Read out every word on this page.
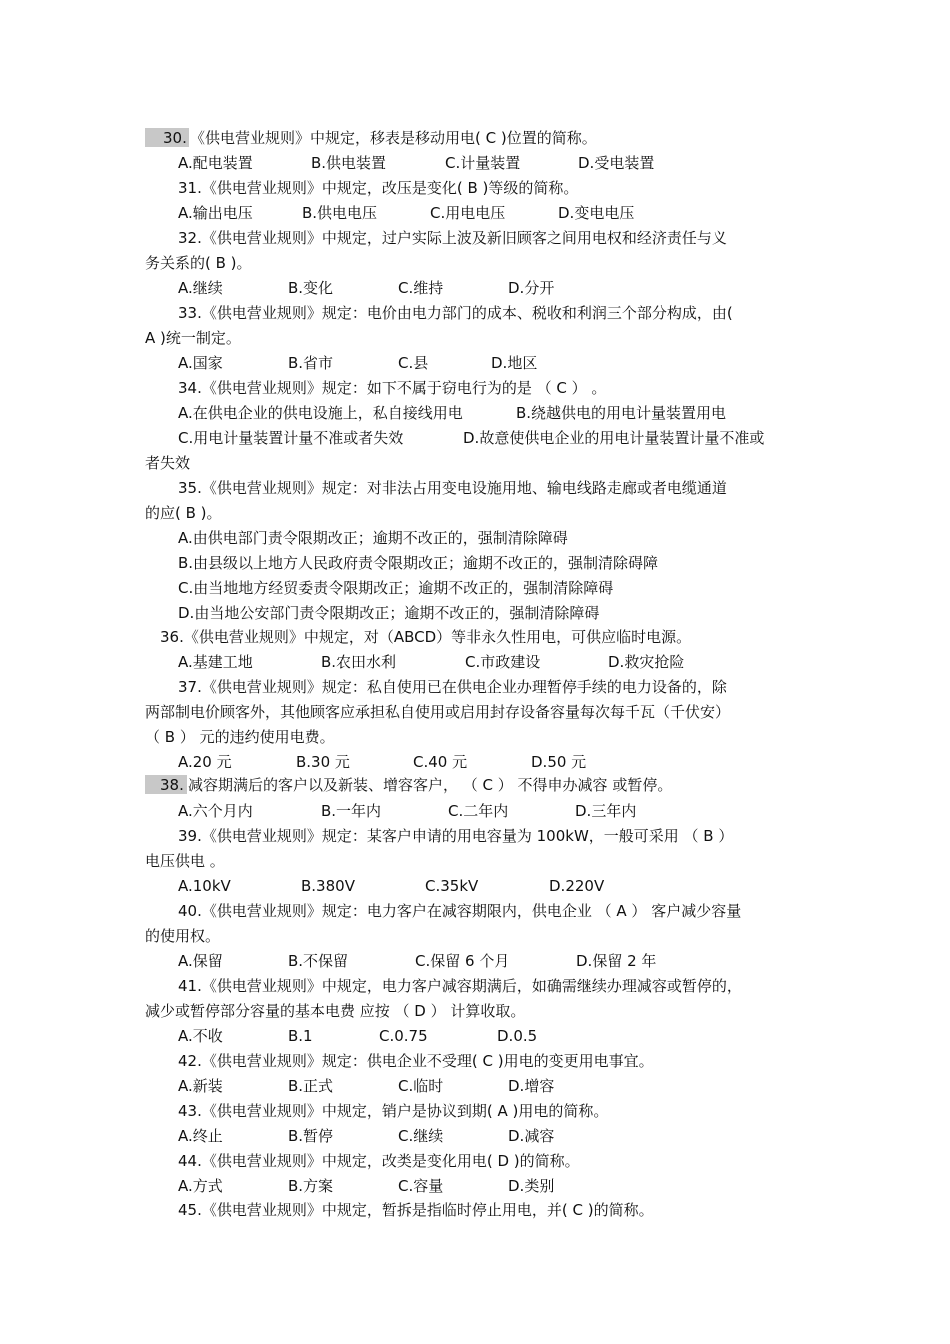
30. 《供电营业规则》中规定，移表是移动用电( C )位置的简称。
A.配电装置	B.供电装置	C.计量装置	D.受电装置
31.《供电营业规则》中规定，改压是变化( B )等级的简称。
A.输出电压	B.供电电压	C.用电电压	D.变电电压
32.《供电营业规则》中规定，过户实际上波及新旧顾客之间用电权和经济责任与义
务关系的( B )。
A.继续	B.变化	C.维持	D.分开
33.《供电营业规则》规定：电价由电力部门的成本、税收和利润三个部分构成，由(
A )统一制定。
A.国家	B.省市	C.县	D.地区
34.《供电营业规则》规定：如下不属于窃电行为的是 （ C ） 。
A.在供电企业的供电设施上，私自接线用电	B.绕越供电的用电计量装置用电
C.用电计量装置计量不准或者失效	D.故意使供电企业的用电计量装置计量不准或
者失效
35.《供电营业规则》规定：对非法占用变电设施用地、输电线路走廊或者电缆通道
的应( B )。
A.由供电部门责令限期改正；逾期不改正的，强制清除障碍
B.由县级以上地方人民政府责令限期改正；逾期不改正的，强制清除碍障
C.由当地地方经贸委责令限期改正；逾期不改正的，强制清除障碍
D.由当地公安部门责令限期改正；逾期不改正的，强制清除障碍
36.《供电营业规则》中规定，对（ABCD）等非永久性用电，可供应临时电源。
A.基建工地	B.农田水利	C.市政建设	D.救灾抢险
37.《供电营业规则》规定：私自使用已在供电企业办理暂停手续的电力设备的，除
两部制电价顾客外，其他顾客应承担私自使用或启用封存设备容量每次每千瓦（千伏安）
（ B ） 元的违约使用电费。
A.20 元	B.30 元	C.40 元	D.50 元
38. 减容期满后的客户以及新装、增容客户， （ C ） 不得申办减容 或暂停。
A.六个月内	B.一年内	C.二年内	D.三年内
39.《供电营业规则》规定：某客户申请的用电容量为 100kW，一般可采用 （ B ）
电压供电 。
A.10kV	B.380V	C.35kV	D.220V
40.《供电营业规则》规定：电力客户在减容期限内，供电企业 （ A ） 客户减少容量
的使用权。
A.保留	B.不保留	C.保留 6 个月	D.保留 2 年
41.《供电营业规则》中规定，电力客户减容期满后，如确需继续办理减容或暂停的，
减少或暂停部分容量的基本电费 应按 （ D ） 计算收取。
A.不收	B.1	C.0.75	D.0.5
42.《供电营业规则》规定：供电企业不受理( C )用电的变更用电事宜。
A.新装	B.正式	C.临时	D.增容
43.《供电营业规则》中规定，销户是协议到期( A )用电的简称。
A.终止	B.暂停	C.继续	D.减容
44.《供电营业规则》中规定，改类是变化用电( D )的简称。
A.方式	B.方案	C.容量	D.类别
45.《供电营业规则》中规定，暂拆是指临时停止用电，并( C )的简称。
